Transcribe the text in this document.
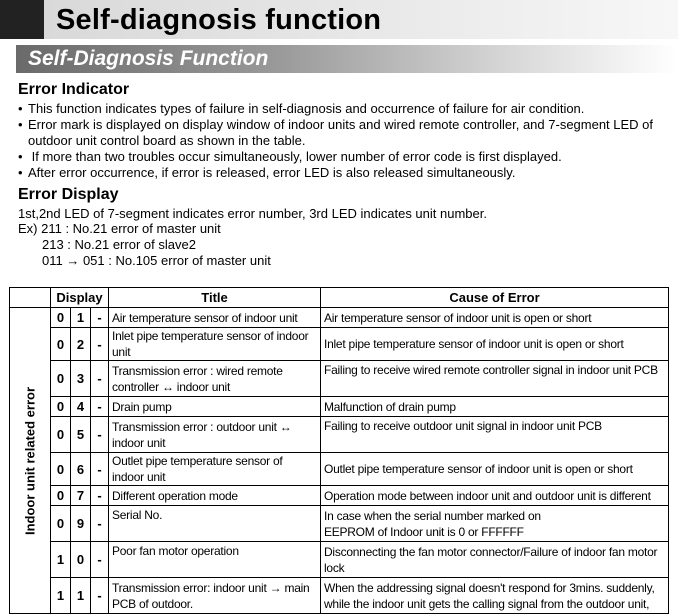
Self-diagnosis function
Self-Diagnosis Function
Error Indicator
• This function indicates types of failure in self-diagnosis and occurrence of failure for air condition.
• Error mark is displayed on display window of indoor units and wired remote controller, and 7-segment LED of
outdoor unit control board as shown in the table.
• If more than two troubles occur simultaneously, lower number of error code is first displayed.
• After error occurrence, if error is released, error LED is also released simultaneously.
Error Display
1st,2nd LED of 7-segment indicates error number, 3rd LED indicates unit number.
Ex) 211 : No.21 error of master unit
213 : No.21 error of slave2
011 → 051 : No.105 error of master unit
	Display			Title	Cause of Error

Indoor unit related error	0	1	-	Air temperature sensor of indoor unit	Air temperature sensor of indoor unit is open or short
	0	2	-	Inlet pipe temperature sensor of indoor unit	Inlet pipe temperature sensor of indoor unit is open or short
	0	3	-	Transmission error : wired remote controller ↔ indoor unit	Failing to receive wired remote controller signal in indoor unit PCB
	0	4	-	Drain pump	Malfunction of drain pump
	0	5	-	Transmission error : outdoor unit ↔ indoor unit	Failing to receive outdoor unit signal in indoor unit PCB
	0	6	-	Outlet pipe temperature sensor of indoor unit	Outlet pipe temperature sensor of indoor unit is open or short
	0	7	-	Different operation mode	Operation mode between indoor unit and outdoor unit is different
	0	9	-	Serial No.	In case when the serial number marked on EEPROM of Indoor unit is 0 or FFFFFF
	1	0	-	Poor fan motor operation	Disconnecting the fan motor connector/Failure of indoor fan motor lock
	1	1	-	Transmission error: indoor unit → main PCB of outdoor.	When the addressing signal doesn't respond for 3mins. suddenly, while the indoor unit gets the calling signal from the outdoor unit,
